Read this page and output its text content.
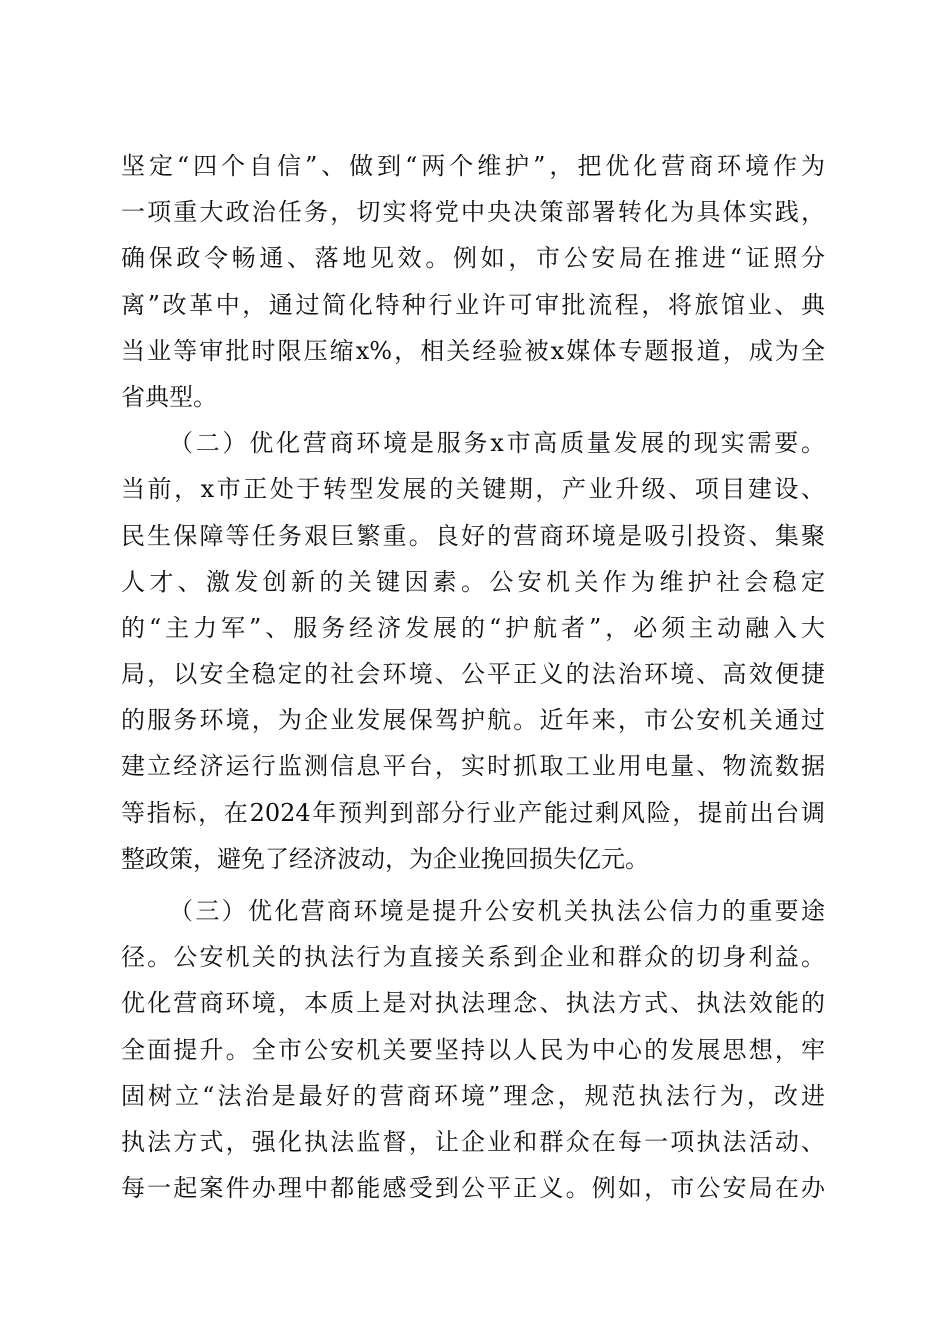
坚定“四个自信”、做到“两个维护”，把优化营商环境作为
一项重大政治任务，切实将党中央决策部署转化为具体实践，
确保政令畅通、落地见效。例如，市公安局在推进“证照分
离”改革中，通过简化特种行业许可审批流程，将旅馆业、典
当业等审批时限压缩x%，相关经验被x媒体专题报道，成为全
省典型。
（二）优化营商环境是服务x市高质量发展的现实需要。
当前，x市正处于转型发展的关键期，产业升级、项目建设、
民生保障等任务艰巨繁重。良好的营商环境是吸引投资、集聚
人才、激发创新的关键因素。公安机关作为维护社会稳定
的“主力军”、服务经济发展的“护航者”，必须主动融入大
局，以安全稳定的社会环境、公平正义的法治环境、高效便捷
的服务环境，为企业发展保驾护航。近年来，市公安机关通过
建立经济运行监测信息平台，实时抓取工业用电量、物流数据
等指标，在2024年预判到部分行业产能过剩风险，提前出台调
整政策，避免了经济波动，为企业挽回损失亿元。
（三）优化营商环境是提升公安机关执法公信力的重要途
径。公安机关的执法行为直接关系到企业和群众的切身利益。
优化营商环境，本质上是对执法理念、执法方式、执法效能的
全面提升。全市公安机关要坚持以人民为中心的发展思想，牢
固树立“法治是最好的营商环境”理念，规范执法行为，改进
执法方式，强化执法监督，让企业和群众在每一项执法活动、
每一起案件办理中都能感受到公平正义。例如，市公安局在办
